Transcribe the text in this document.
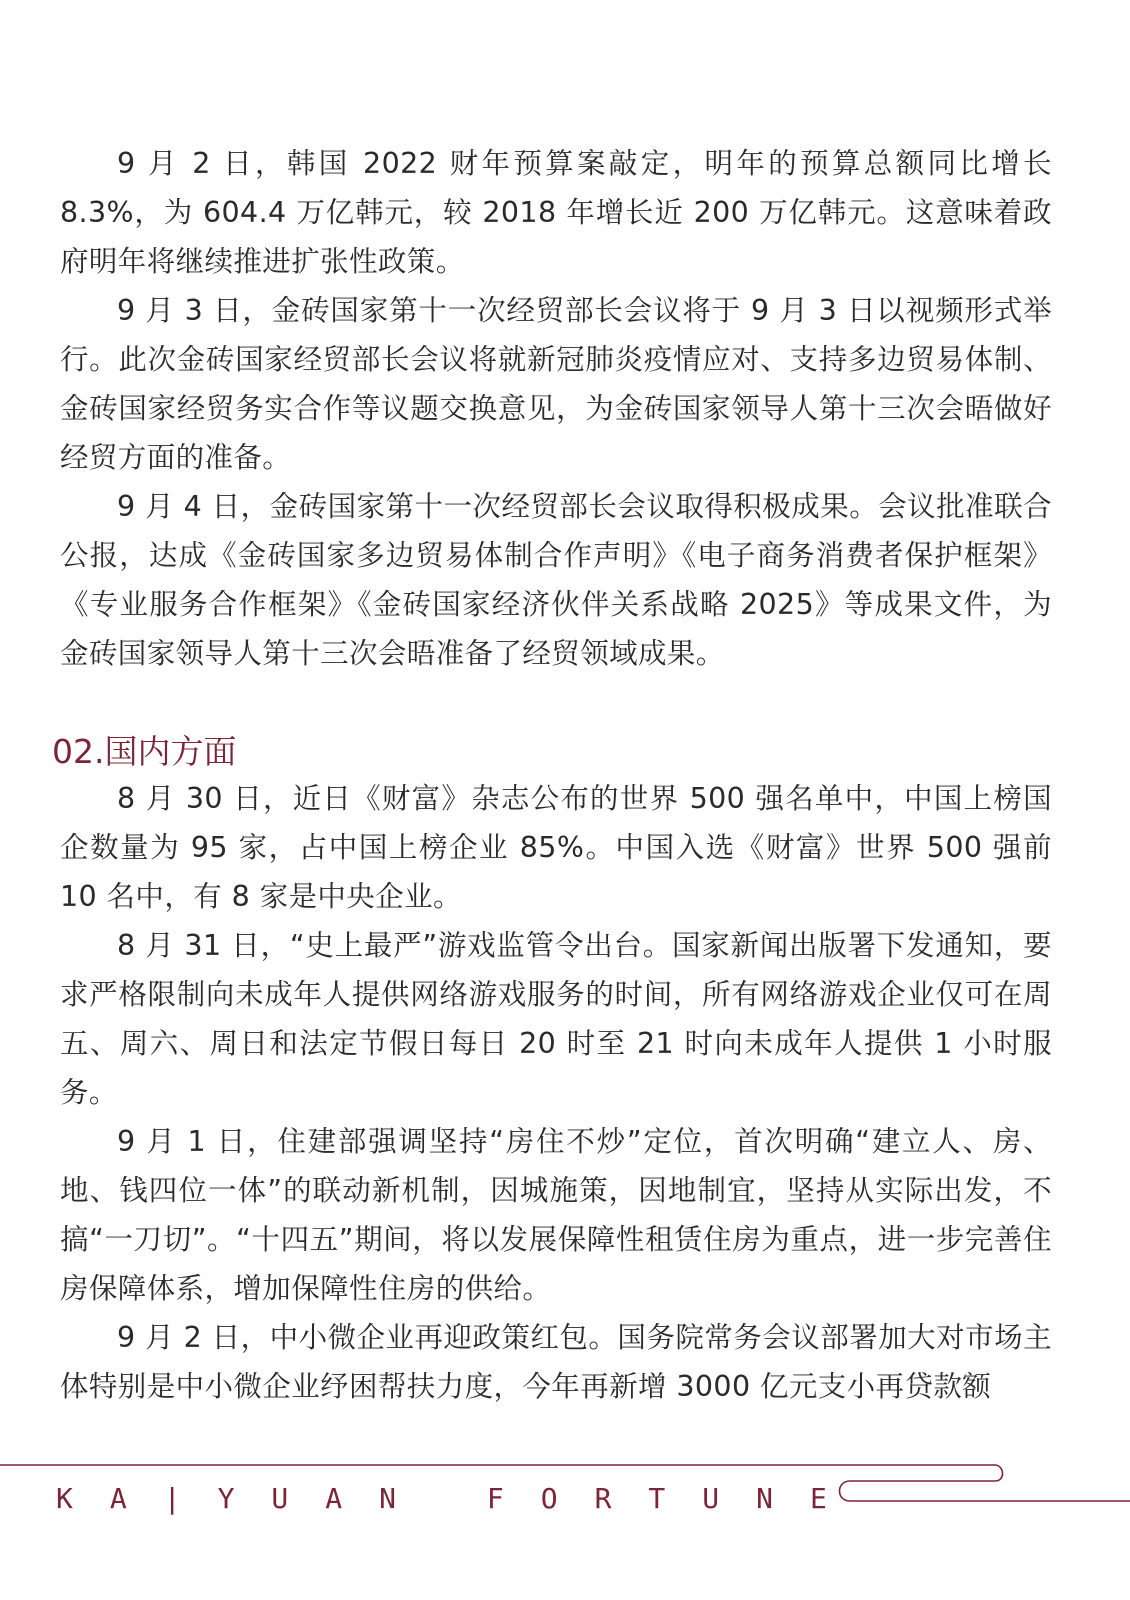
9 月 2 日，韩国 2022 财年预算案敲定，明年的预算总额同比增长 8.3%，为 604.4 万亿韩元，较 2018 年增长近 200 万亿韩元。这意味着政府明年将继续推进扩张性政策。

9 月 3 日，金砖国家第十一次经贸部长会议将于 9 月 3 日以视频形式举行。此次金砖国家经贸部长会议将就新冠肺炎疫情应对、支持多边贸易体制、金砖国家经贸务实合作等议题交换意见，为金砖国家领导人第十三次会晤做好经贸方面的准备。

9 月 4 日，金砖国家第十一次经贸部长会议取得积极成果。会议批准联合公报，达成《金砖国家多边贸易体制合作声明》《电子商务消费者保护框架》《专业服务合作框架》《金砖国家经济伙伴关系战略 2025》等成果文件，为金砖国家领导人第十三次会晤准备了经贸领域成果。

02.国内方面

8 月 30 日，近日《财富》杂志公布的世界 500 强名单中，中国上榜国企数量为 95 家，占中国上榜企业 85%。中国入选《财富》世界 500 强前 10 名中，有 8 家是中央企业。

8 月 31 日，“史上最严”游戏监管令出台。国家新闻出版署下发通知，要求严格限制向未成年人提供网络游戏服务的时间，所有网络游戏企业仅可在周五、周六、周日和法定节假日每日 20 时至 21 时向未成年人提供 1 小时服务。

9 月 1 日，住建部强调坚持“房住不炒”定位，首次明确“建立人、房、地、钱四位一体”的联动新机制，因城施策，因地制宜，坚持从实际出发，不搞“一刀切”。“十四五”期间，将以发展保障性租赁住房为重点，进一步完善住房保障体系，增加保障性住房的供给。

9 月 2 日，中小微企业再迎政策红包。国务院常务会议部署加大对市场主体特别是中小微企业纾困帮扶力度，今年再新增 3000 亿元支小再贷款额

KA|YUAN FORTUNE
